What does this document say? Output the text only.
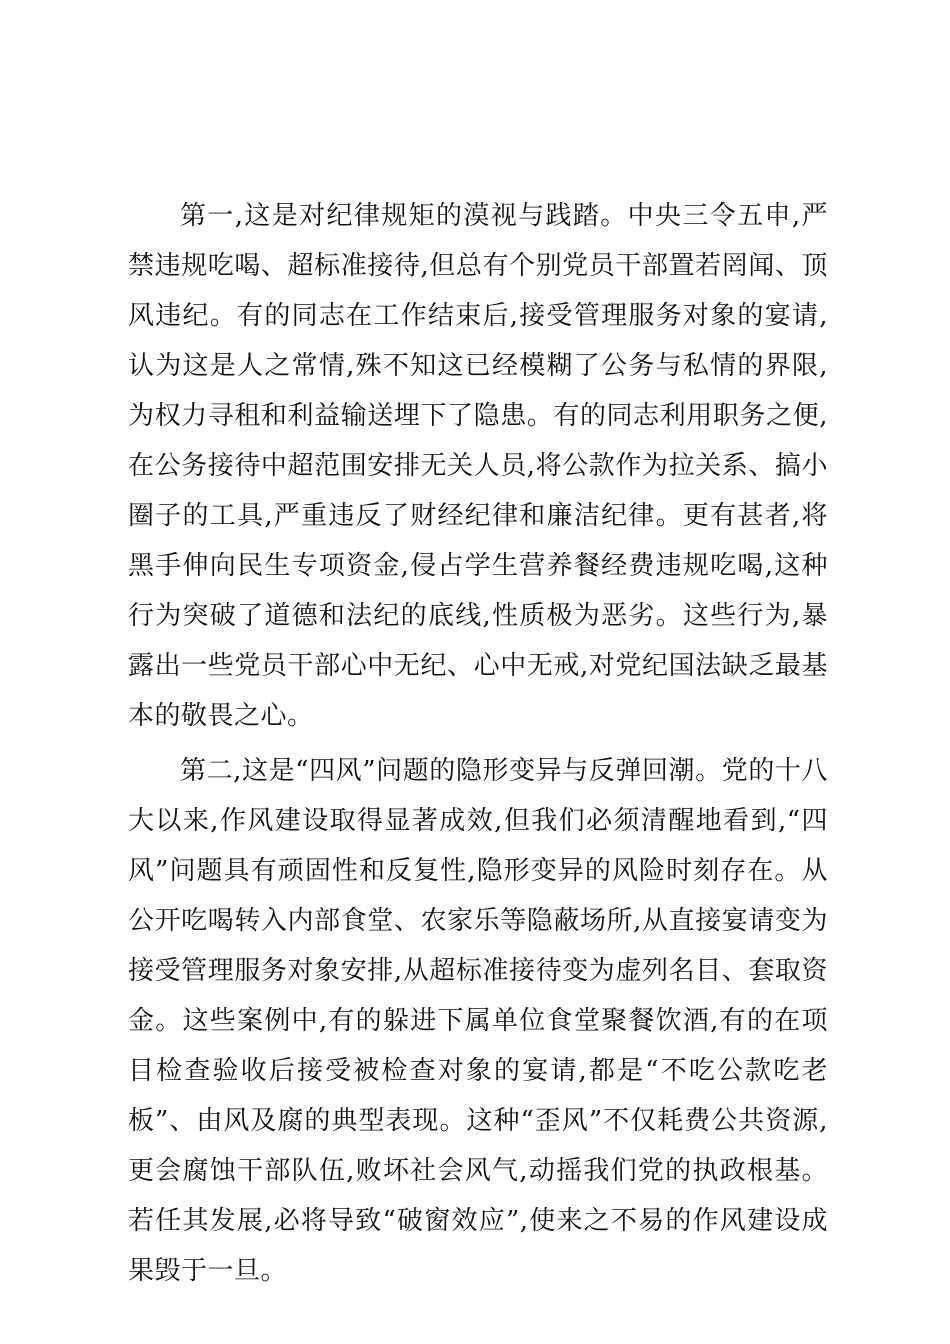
第一,这是对纪律规矩的漠视与践踏。中央三令五申,严禁违规吃喝、超标准接待,但总有个别党员干部置若罔闻、顶风违纪。有的同志在工作结束后,接受管理服务对象的宴请,认为这是人之常情,殊不知这已经模糊了公务与私情的界限,为权力寻租和利益输送埋下了隐患。有的同志利用职务之便,在公务接待中超范围安排无关人员,将公款作为拉关系、搞小圈子的工具,严重违反了财经纪律和廉洁纪律。更有甚者,将黑手伸向民生专项资金,侵占学生营养餐经费违规吃喝,这种行为突破了道德和法纪的底线,性质极为恶劣。这些行为,暴露出一些党员干部心中无纪、心中无戒,对党纪国法缺乏最基本的敬畏之心。

第二,这是“四风”问题的隐形变异与反弹回潮。党的十八大以来,作风建设取得显著成效,但我们必须清醒地看到,“四风”问题具有顽固性和反复性,隐形变异的风险时刻存在。从公开吃喝转入内部食堂、农家乐等隐蔽场所,从直接宴请变为接受管理服务对象安排,从超标准接待变为虚列名目、套取资金。这些案例中,有的躲进下属单位食堂聚餐饮酒,有的在项目检查验收后接受被检查对象的宴请,都是“不吃公款吃老板”、由风及腐的典型表现。这种“歪风”不仅耗费公共资源,更会腐蚀干部队伍,败坏社会风气,动摇我们党的执政根基。若任其发展,必将导致“破窗效应”,使来之不易的作风建设成果毁于一旦。
